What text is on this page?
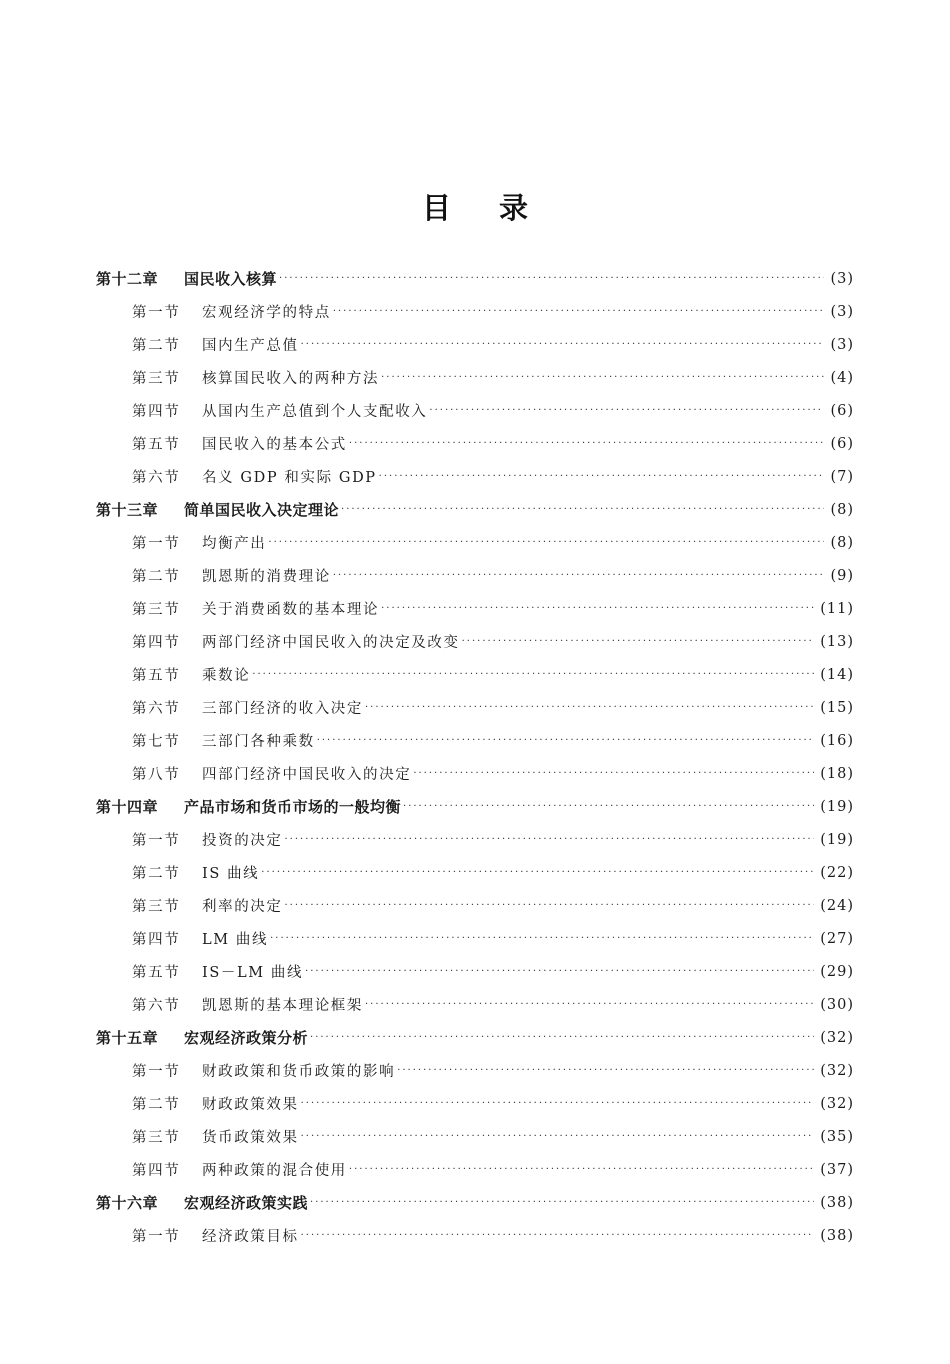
目录
第十二章	国民收入核算 ·····	(3)
第一节	宏观经济学的特点 ·····	(3)
第二节	国内生产总值 ·····	(3)
第三节	核算国民收入的两种方法 ·····	(4)
第四节	从国内生产总值到个人支配收入 ·····	(6)
第五节	国民收入的基本公式 ·····	(6)
第六节	名义 GDP 和实际 GDP ·····	(7)
第十三章	简单国民收入决定理论 ·····	(8)
第一节	均衡产出 ·····	(8)
第二节	凯恩斯的消费理论 ·····	(9)
第三节	关于消费函数的基本理论 ·····	(11)
第四节	两部门经济中国民收入的决定及改变 ·····	(13)
第五节	乘数论 ·····	(14)
第六节	三部门经济的收入决定 ·····	(15)
第七节	三部门各种乘数 ·····	(16)
第八节	四部门经济中国民收入的决定 ·····	(18)
第十四章	产品市场和货币市场的一般均衡 ·····	(19)
第一节	投资的决定 ·····	(19)
第二节	IS 曲线 ·····	(22)
第三节	利率的决定 ·····	(24)
第四节	LM 曲线 ·····	(27)
第五节	IS－LM 曲线 ·····	(29)
第六节	凯恩斯的基本理论框架 ·····	(30)
第十五章	宏观经济政策分析 ·····	(32)
第一节	财政政策和货币政策的影响 ·····	(32)
第二节	财政政策效果 ·····	(32)
第三节	货币政策效果 ·····	(35)
第四节	两种政策的混合使用 ·····	(37)
第十六章	宏观经济政策实践 ·····	(38)
第一节	经济政策目标 ·····	(38)
